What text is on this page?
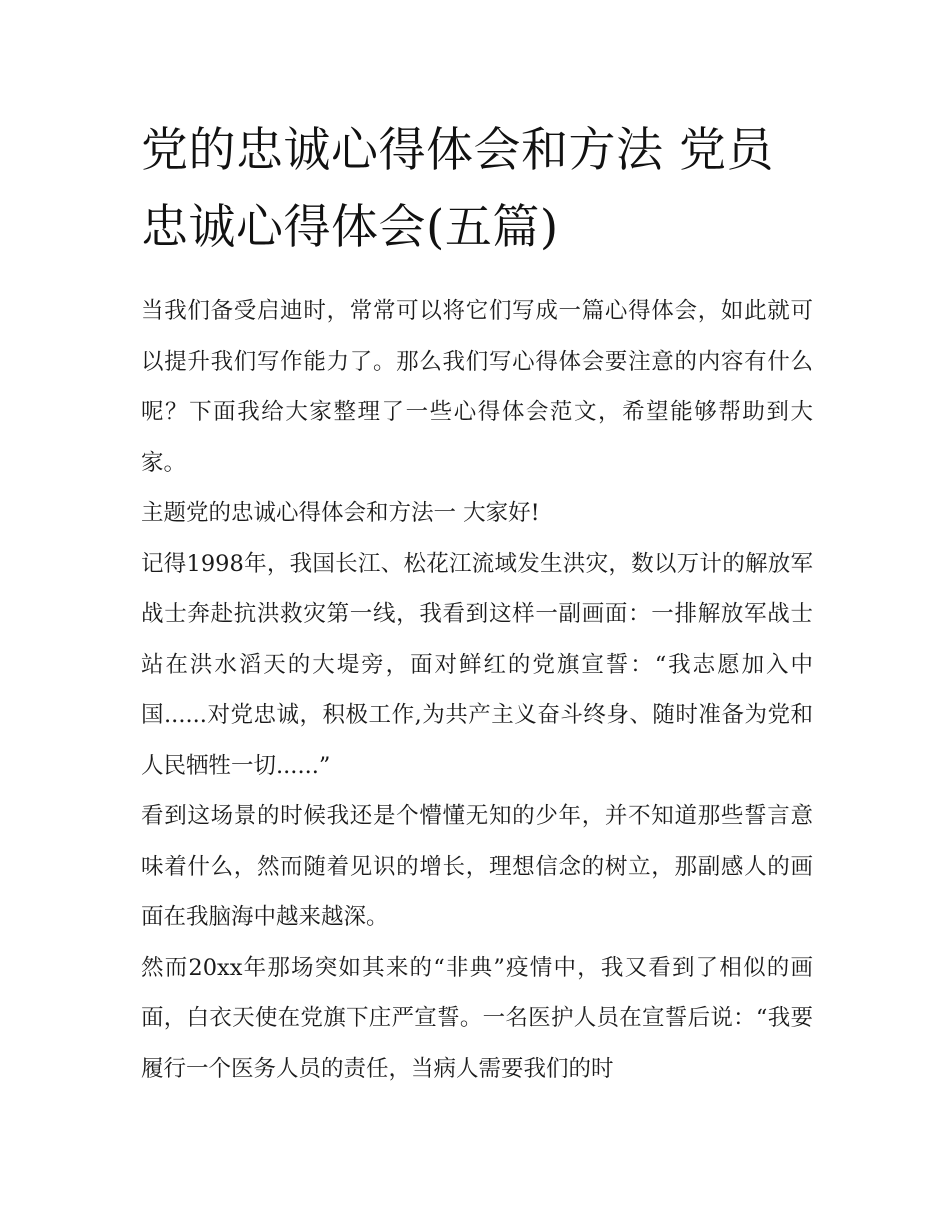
党的忠诚心得体会和方法 党员忠诚心得体会(五篇)

当我们备受启迪时，常常可以将它们写成一篇心得体会，如此就可以提升我们写作能力了。那么我们写心得体会要注意的内容有什么呢？下面我给大家整理了一些心得体会范文，希望能够帮助到大家。

主题党的忠诚心得体会和方法一 大家好!

记得1998年，我国长江、松花江流域发生洪灾，数以万计的解放军战士奔赴抗洪救灾第一线，我看到这样一副画面：一排解放军战士站在洪水滔天的大堤旁，面对鲜红的党旗宣誓：“我志愿加入中国......对党忠诚，积极工作,为共产主义奋斗终身、随时准备为党和人民牺牲一切......”

看到这场景的时候我还是个懵懂无知的少年，并不知道那些誓言意味着什么，然而随着见识的增长，理想信念的树立，那副感人的画面在我脑海中越来越深。

然而20xx年那场突如其来的“非典”疫情中，我又看到了相似的画面，白衣天使在党旗下庄严宣誓。一名医护人员在宣誓后说：“我要履行一个医务人员的责任，当病人需要我们的时
